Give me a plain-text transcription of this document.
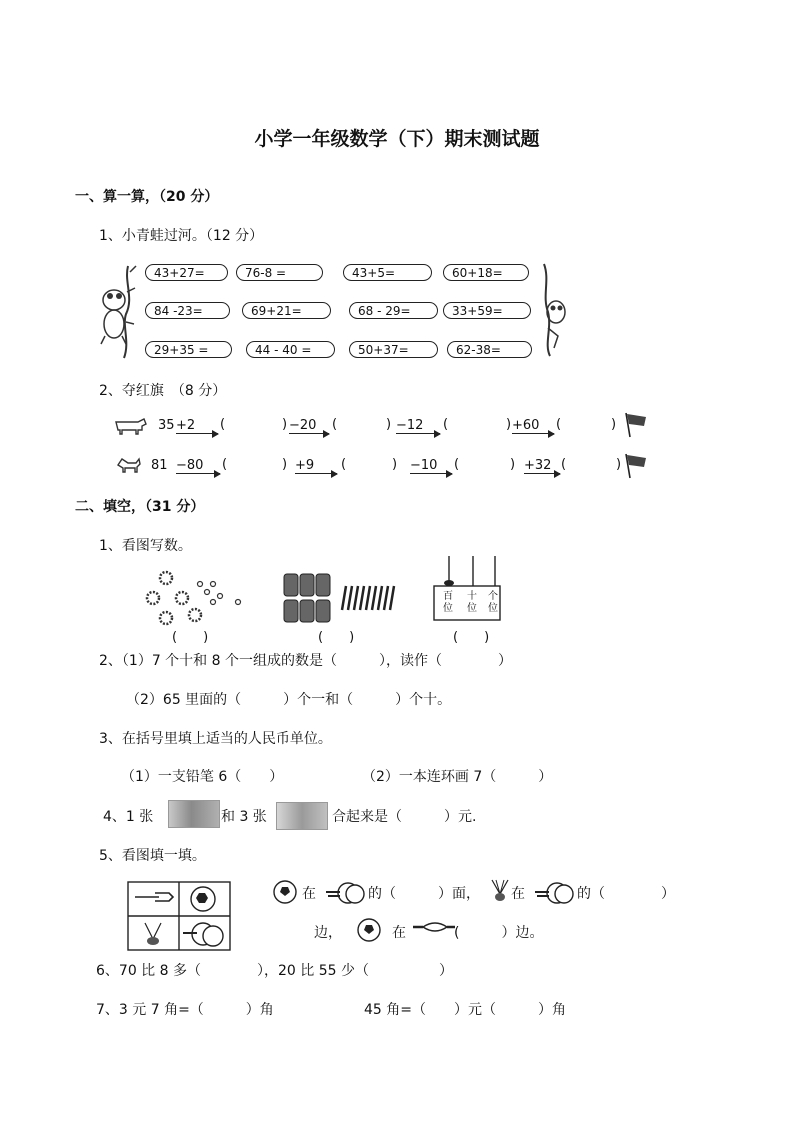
小学一年级数学（下）期末测试题
一、算一算，（20 分）
1、小青蛙过河。（12 分）
43+27=	76-8 =	43+5=	60+18=
84 -23=	69+21=	68 - 29=	33+59=
29+35 =	44 - 40 =	50+37=	62-38=
2、夺红旗　（8 分）
35 +2 (	) −20 (	) −12 (	) +60 (	)
81 −80 (	) +9 (	) −10 (	) +32 (	)
二、填空，（31 分）
1、看图写数。
(　　)	(　　)
百
位
十
位
个
位
(　　)
2、（1）7 个十和 8 个一组成的数是（　　　），读作（　　　　）
（2）65 里面的（　　　）个一和（　　　）个十。
3、在括号里填上适当的人民币单位。
（1）一支铅笔 6（　　）	（2）一本连环画 7（　　　）
4、1 张	和 3 张	合起来是（　　　）元.
5、看图填一填。
在	的（　　　）面， 在	的（　　　　）
边，	在	(　　　）边。
6、70 比 8 多（　　　　），20 比 55 少（　　　　　）
7、3 元 7 角=（　　　）角	45 角=（　　）元（　　　）角
